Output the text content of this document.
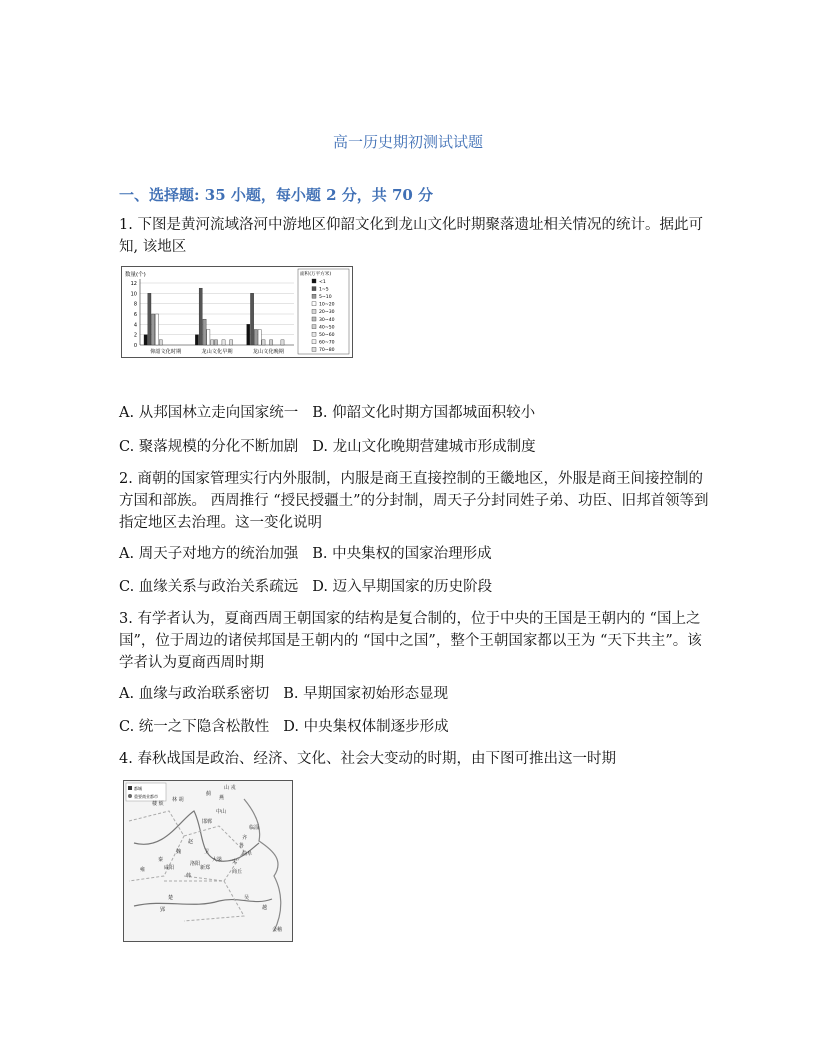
高一历史期初测试试题
一、选择题: 35 小题，每小题 2 分，共 70 分
1. 下图是黄河流域洛河中游地区仰韶文化到龙山文化时期聚落遗址相关情况的统计。据此可知, 该地区
数量(个)
0
2
4
6
8
10
12
仰韶文化时期	龙山文化早期	龙山文化晚期
面积(万平方米)
<1
1~5
5~10
10~20
20~30
30~40
40~50
50~60
60~70
70~80
A. 从邦国林立走向国家统一 B. 仰韶文化时期方国都城面积较小
C. 聚落规模的分化不断加剧 D. 龙山文化晚期营建城市形成制度
2. 商朝的国家管理实行内外服制，内服是商王直接控制的王畿地区，外服是商王间接控制的方国和部族。 西周推行 “授民授疆土”的分封制，周天子分封同姓子弟、功臣、旧邦首领等到指定地区去治理。这一变化说明
A. 周天子对地方的统治加强 B. 中央集权的国家治理形成
C. 血缘关系与政治关系疏远 D. 迈入早期国家的历史阶段
3. 有学者认为，夏商西周王朝国家的结构是复合制的，位于中央的王国是王朝内的 “国上之国”，位于周边的诸侯邦国是王朝内的 “国中之国”，整个王朝国家都以王为 “天下共主”。该学者认为夏商西周时期
A. 血缘与政治联系密切 B. 早期国家初始形态显现
C. 统一之下隐含松散性 D. 中央集权体制逐步形成
4. 春秋战国是政治、经济、文化、社会大变动的时期，由下图可推出这一时期
都城
重要商业都市
山 戎
燕
蓟
林 胡
楼 烦
中山
邯郸
临淄
齐
鲁
曲阜
宋
商丘
大梁
卫
新郑
洛阳
秦
雍	咸阳
韩
楚
郢
吴
越
会稽
赵
魏
